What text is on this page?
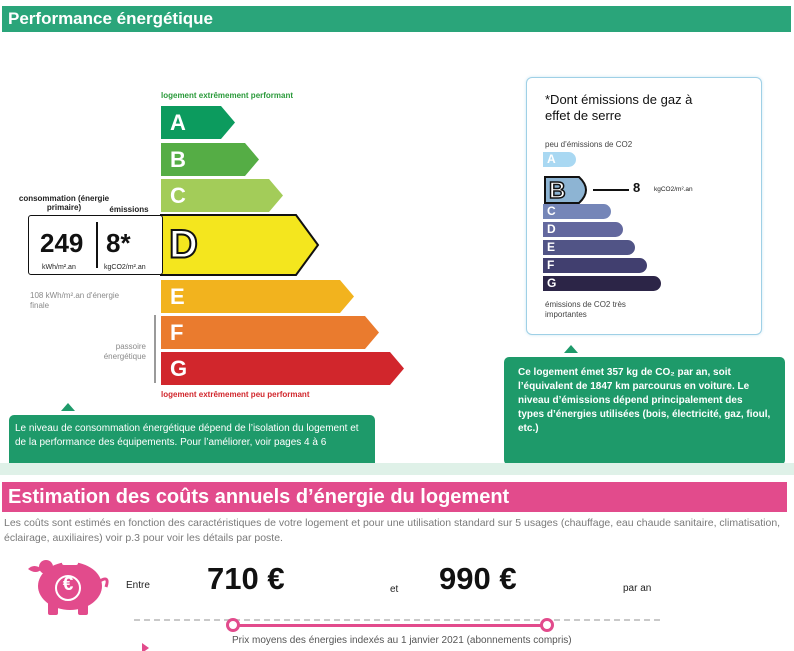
Performance énergétique
logement extrêmement performant
A
B
C
D
E
F
G
logement extrêmement peu performant
consommation (énergie primaire)	émissions
249
kWh/m².an
8*
kgCO2/m².an
108 kWh/m².an d'énergie finale
passoire énergétique
Le niveau de consommation énergétique dépend de l’isolation du logement et de la performance des équipements. Pour l’améliorer, voir pages 4 à 6
*Dont émissions de gaz à effet de serre
peu d’émissions de CO2
A
B	8 kgCO2/m².an
C
D
E
F
G
émissions de CO2 très importantes
Ce logement émet 357 kg de CO₂ par an, soit l’équivalent de 1847 km parcourus en voiture. Le niveau d’émissions dépend principalement des types d’énergies utilisées (bois, électricité, gaz, fioul, etc.)
Estimation des coûts annuels d’énergie du logement
Les coûts sont estimés en fonction des caractéristiques de votre logement et pour une utilisation standard sur 5 usages (chauffage, eau chaude sanitaire, climatisation, éclairage, auxiliaires) voir p.3 pour voir les détails par poste.
€	Entre 710 €	et 990 €	par an
Prix moyens des énergies indexés au 1 janvier 2021 (abonnements compris)
